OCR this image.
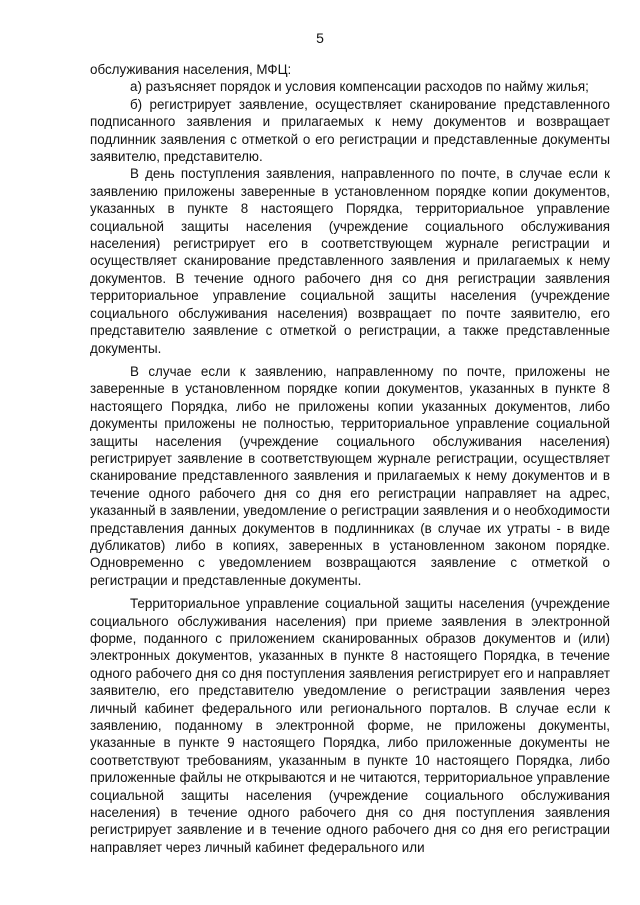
5

обслуживания населения, МФЦ:

а) разъясняет порядок и условия компенсации расходов по найму жилья;

б) регистрирует заявление, осуществляет сканирование представленного подписанного заявления и прилагаемых к нему документов и возвращает подлинник заявления с отметкой о его регистрации и представленные документы заявителю, представителю.

В день поступления заявления, направленного по почте, в случае если к заявлению приложены заверенные в установленном порядке копии документов, указанных в пункте 8 настоящего Порядка, территориальное управление социальной защиты населения (учреждение социального обслуживания населения) регистрирует его в соответствующем журнале регистрации и осуществляет сканирование представленного заявления и прилагаемых к нему документов. В течение одного рабочего дня со дня регистрации заявления территориальное управление социальной защиты населения (учреждение социального обслуживания населения) возвращает по почте заявителю, его представителю заявление с отметкой о регистрации, а также представленные документы.

В случае если к заявлению, направленному по почте, приложены не заверенные в установленном порядке копии документов, указанных в пункте 8 настоящего Порядка, либо не приложены копии указанных документов, либо документы приложены не полностью, территориальное управление социальной защиты населения (учреждение социального обслуживания населения) регистрирует заявление в соответствующем журнале регистрации, осуществляет сканирование представленного заявления и прилагаемых к нему документов и в течение одного рабочего дня со дня его регистрации направляет на адрес, указанный в заявлении, уведомление о регистрации заявления и о необходимости представления данных документов в подлинниках (в случае их утраты - в виде дубликатов) либо в копиях, заверенных в установленном законом порядке. Одновременно с уведомлением возвращаются заявление с отметкой о регистрации и представленные документы.

Территориальное управление социальной защиты населения (учреждение социального обслуживания населения) при приеме заявления в электронной форме, поданного с приложением сканированных образов документов и (или) электронных документов, указанных в пункте 8 настоящего Порядка, в течение одного рабочего дня со дня поступления заявления регистрирует его и направляет заявителю, его представителю уведомление о регистрации заявления через личный кабинет федерального или регионального порталов. В случае если к заявлению, поданному в электронной форме, не приложены документы, указанные в пункте 9 настоящего Порядка, либо приложенные документы не соответствуют требованиям, указанным в пункте 10 настоящего Порядка, либо приложенные файлы не открываются и не читаются, территориальное управление социальной защиты населения (учреждение социального обслуживания населения) в течение одного рабочего дня со дня поступления заявления регистрирует заявление и в течение одного рабочего дня со дня его регистрации направляет через личный кабинет федерального или
